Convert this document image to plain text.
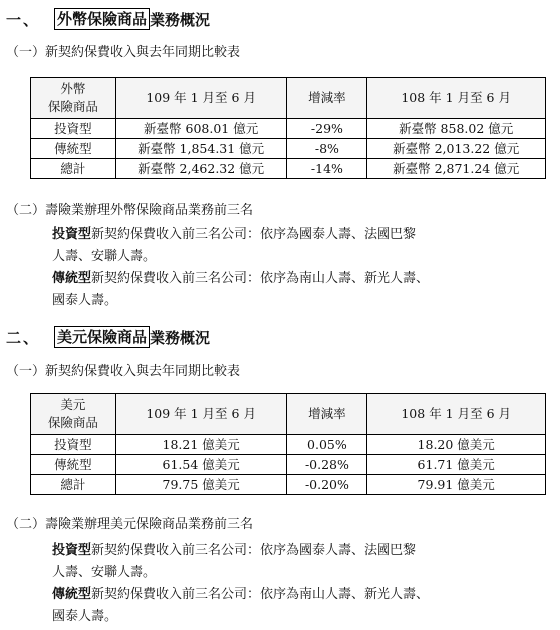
一、 外幣保險商品 業務概況
（一）新契約保費收入與去年同期比較表
外幣
保險商品	109 年 1 月至 6 月	增減率	108 年 1 月至 6 月
投資型	新臺幣 608.01 億元	-29%	新臺幣 858.02 億元
傳統型	新臺幣 1,854.31 億元	-8%	新臺幣 2,013.22 億元
總計	新臺幣 2,462.32 億元	-14%	新臺幣 2,871.24 億元
（二）壽險業辦理外幣保險商品業務前三名
投資型新契約保費收入前三名公司：依序為國泰人壽、法國巴黎
人壽、安聯人壽。
傳統型新契約保費收入前三名公司：依序為南山人壽、新光人壽、
國泰人壽。
二、 美元保險商品 業務概況
（一）新契約保費收入與去年同期比較表
美元
保險商品	109 年 1 月至 6 月	增減率	108 年 1 月至 6 月
投資型	18.21 億美元	0.05%	18.20 億美元
傳統型	61.54 億美元	-0.28%	61.71 億美元
總計	79.75 億美元	-0.20%	79.91 億美元
（二）壽險業辦理美元保險商品業務前三名
投資型新契約保費收入前三名公司：依序為國泰人壽、法國巴黎
人壽、安聯人壽。
傳統型新契約保費收入前三名公司：依序為南山人壽、新光人壽、
國泰人壽。
